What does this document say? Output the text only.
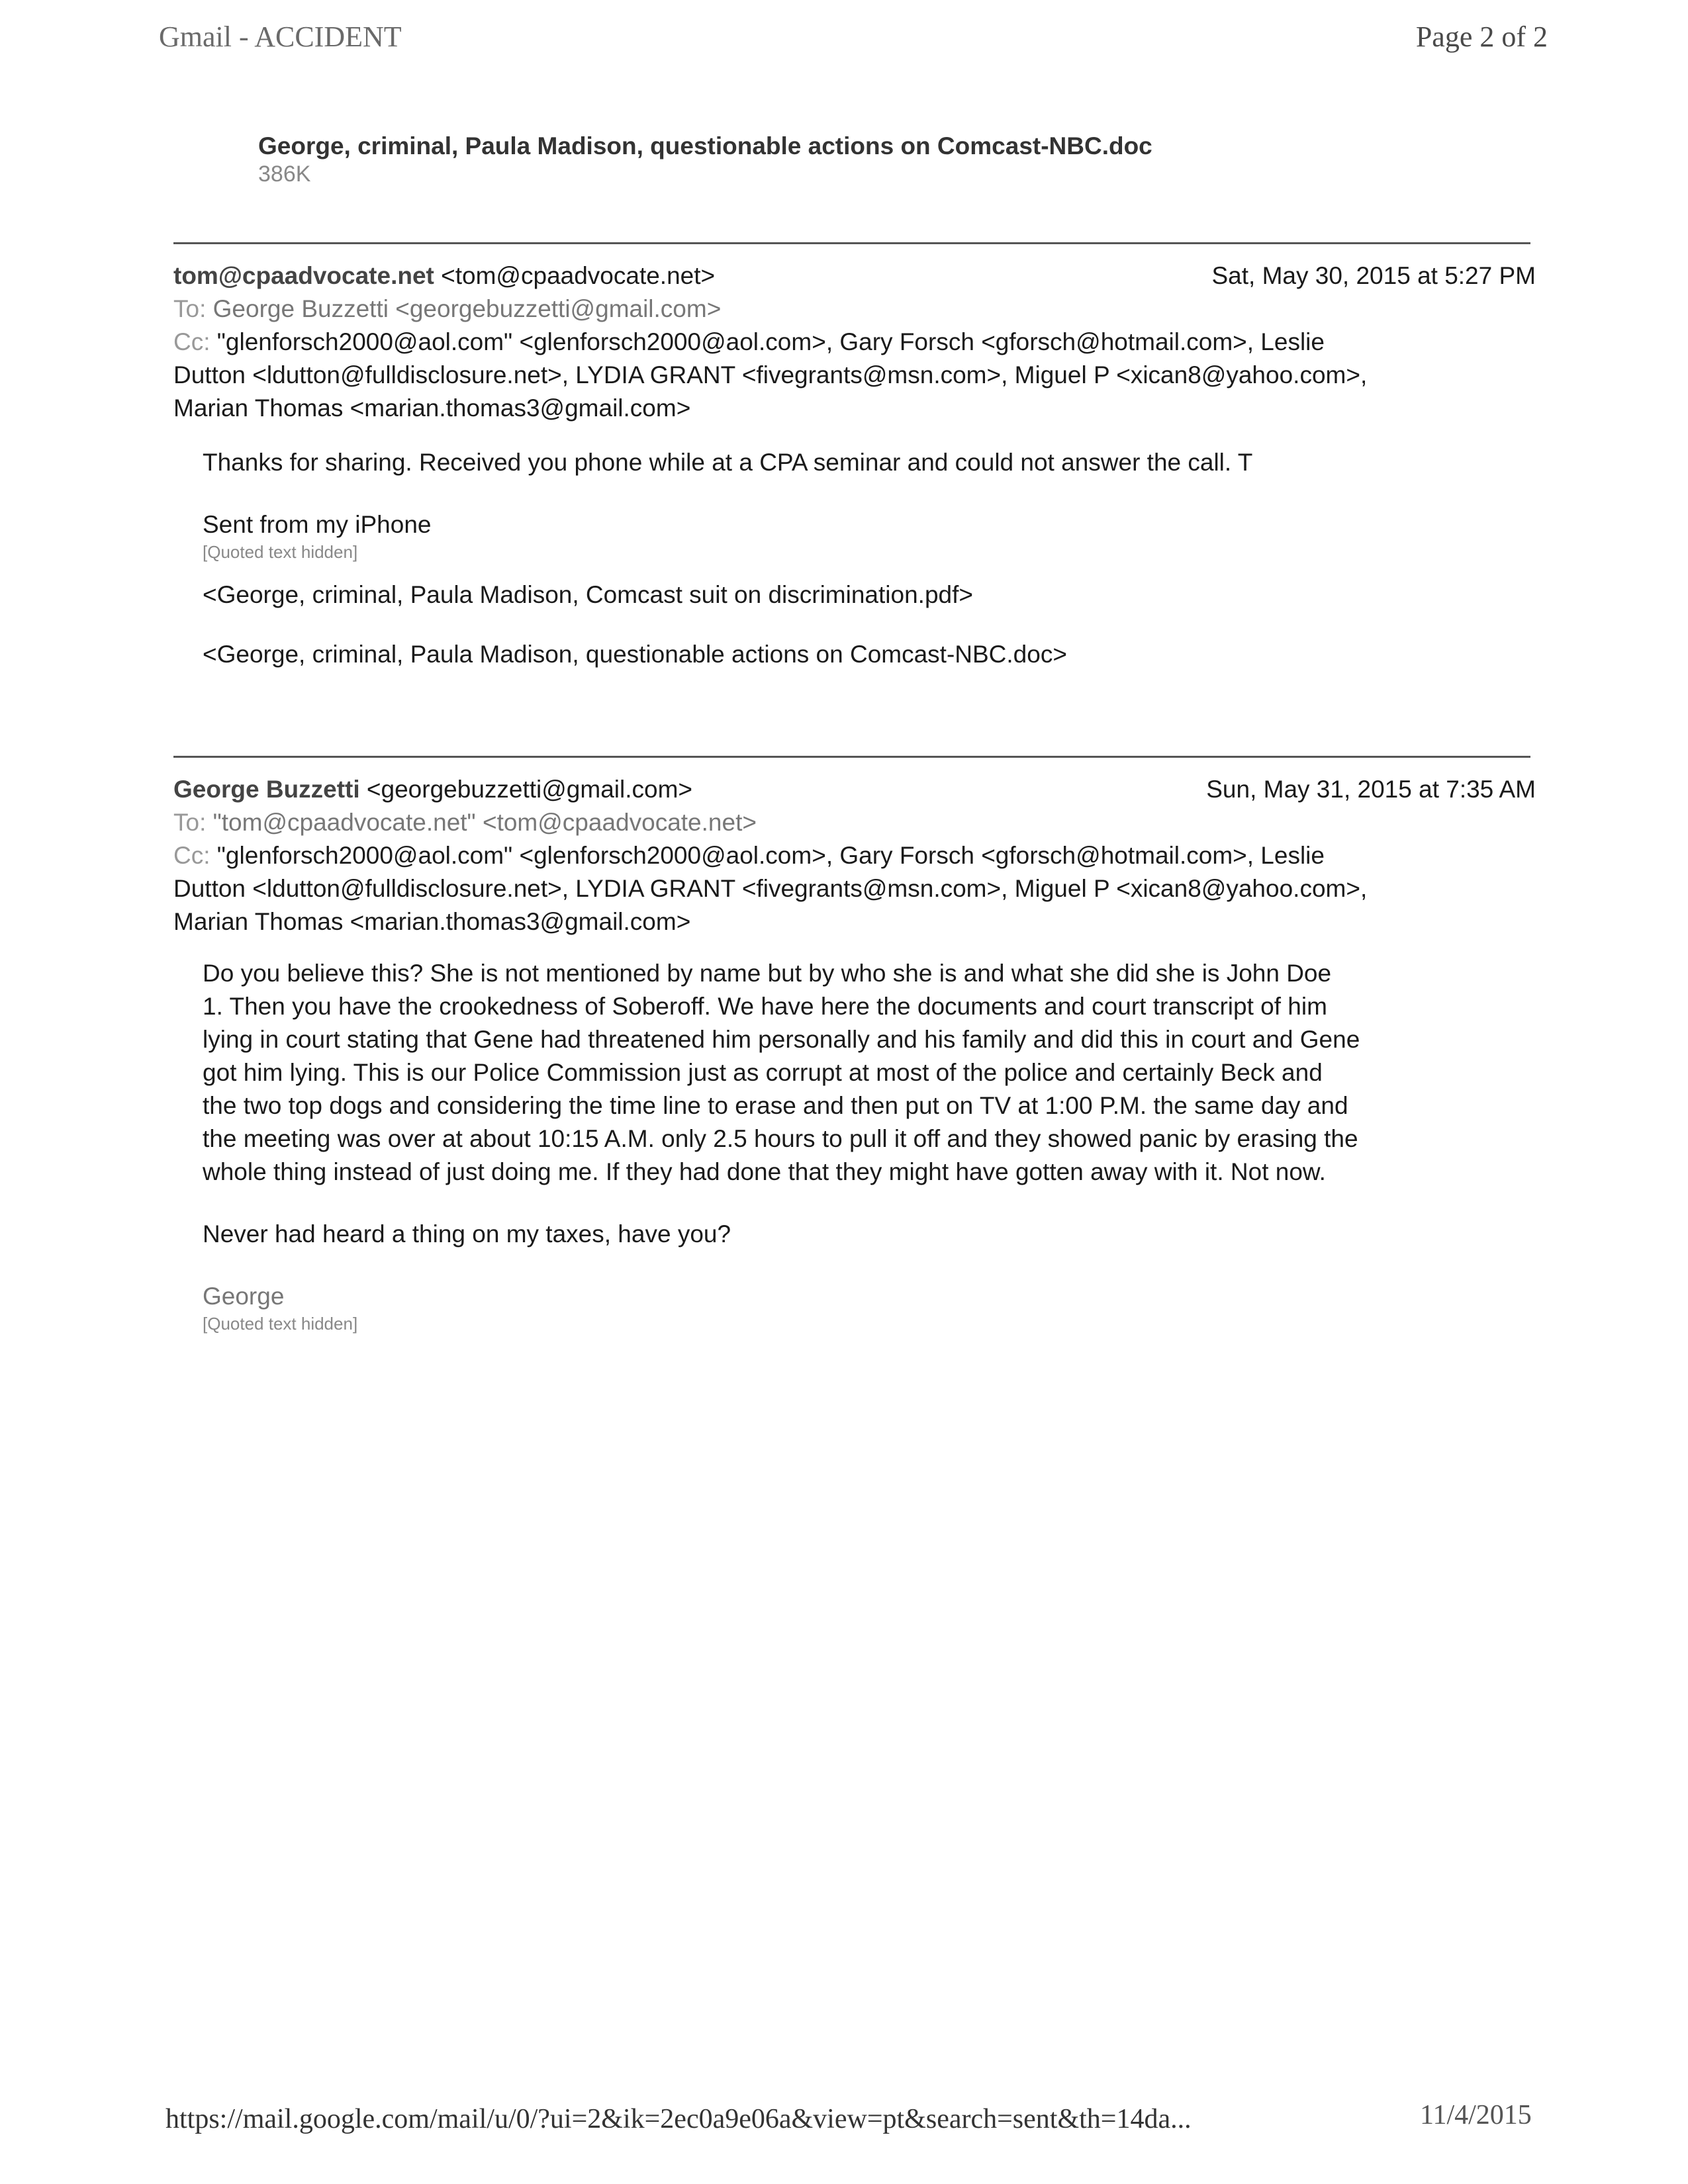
Gmail - ACCIDENT	Page 2 of 2
George, criminal, Paula Madison, questionable actions on Comcast-NBC.doc
386K
tom@cpaadvocate.net <tom@cpaadvocate.net>	Sat, May 30, 2015 at 5:27 PM
To: George Buzzetti <georgebuzzetti@gmail.com>
Cc: "glenforsch2000@aol.com" <glenforsch2000@aol.com>, Gary Forsch <gforsch@hotmail.com>, Leslie
Dutton <ldutton@fulldisclosure.net>, LYDIA GRANT <fivegrants@msn.com>, Miguel P <xican8@yahoo.com>,
Marian Thomas <marian.thomas3@gmail.com>

Thanks for sharing. Received you phone while at a CPA seminar and could not answer the call. T

Sent from my iPhone

[Quoted text hidden]

<George, criminal, Paula Madison, Comcast suit on discrimination.pdf>

<George, criminal, Paula Madison, questionable actions on Comcast-NBC.doc>

George Buzzetti <georgebuzzetti@gmail.com>	Sun, May 31, 2015 at 7:35 AM
To: "tom@cpaadvocate.net" <tom@cpaadvocate.net>
Cc: "glenforsch2000@aol.com" <glenforsch2000@aol.com>, Gary Forsch <gforsch@hotmail.com>, Leslie
Dutton <ldutton@fulldisclosure.net>, LYDIA GRANT <fivegrants@msn.com>, Miguel P <xican8@yahoo.com>,
Marian Thomas <marian.thomas3@gmail.com>

Do you believe this? She is not mentioned by name but by who she is and what she did she is John Doe

1. Then you have the crookedness of Soberoff. We have here the documents and court transcript of him

lying in court stating that Gene had threatened him personally and his family and did this in court and Gene

got him lying. This is our Police Commission just as corrupt at most of the police and certainly Beck and

the two top dogs and considering the time line to erase and then put on TV at 1:00 P.M. the same day and

the meeting was over at about 10:15 A.M. only 2.5 hours to pull it off and they showed panic by erasing the

whole thing instead of just doing me. If they had done that they might have gotten away with it. Not now.

Never had heard a thing on my taxes, have you?

George

[Quoted text hidden]

https://mail.google.com/mail/u/0/?ui=2&ik=2ec0a9e06a&view=pt&search=sent&th=14da...	11/4/2015
